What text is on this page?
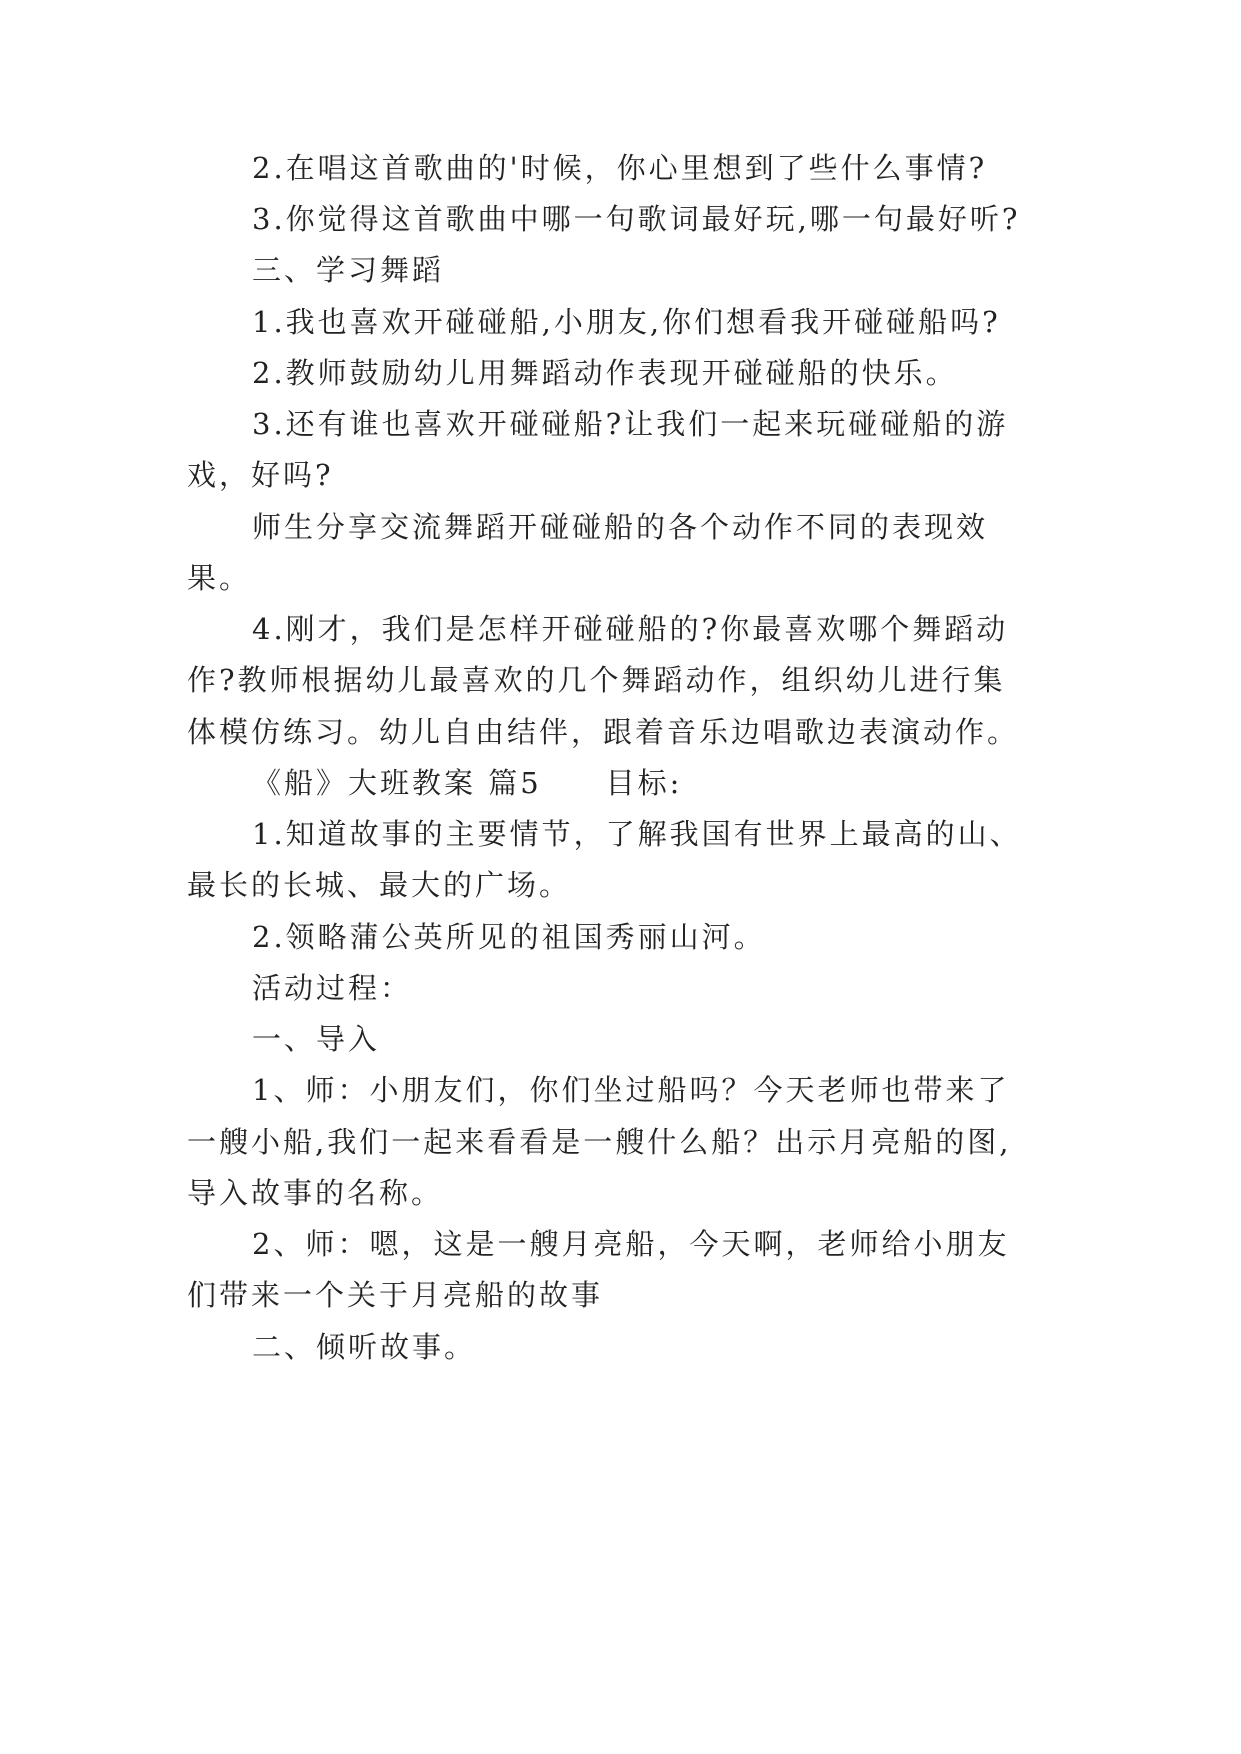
2.在唱这首歌曲的'时候，你心里想到了些什么事情?
3.你觉得这首歌曲中哪一句歌词最好玩,哪一句最好听?
三、学习舞蹈
1.我也喜欢开碰碰船,小朋友,你们想看我开碰碰船吗?
2.教师鼓励幼儿用舞蹈动作表现开碰碰船的快乐。
3.还有谁也喜欢开碰碰船?让我们一起来玩碰碰船的游
戏，好吗?
师生分享交流舞蹈开碰碰船的各个动作不同的表现效
果。
4.刚才，我们是怎样开碰碰船的?你最喜欢哪个舞蹈动
作?教师根据幼儿最喜欢的几个舞蹈动作，组织幼儿进行集
体模仿练习。幼儿自由结伴，跟着音乐边唱歌边表演动作。
《船》大班教案 篇5　　目标:
1.知道故事的主要情节，了解我国有世界上最高的山、
最长的长城、最大的广场。
2.领略蒲公英所见的祖国秀丽山河。
活动过程：
一、导入
1、师：小朋友们，你们坐过船吗？今天老师也带来了
一艘小船,我们一起来看看是一艘什么船？出示月亮船的图,
导入故事的名称。
2、师：嗯，这是一艘月亮船，今天啊，老师给小朋友
们带来一个关于月亮船的故事
二、倾听故事。
